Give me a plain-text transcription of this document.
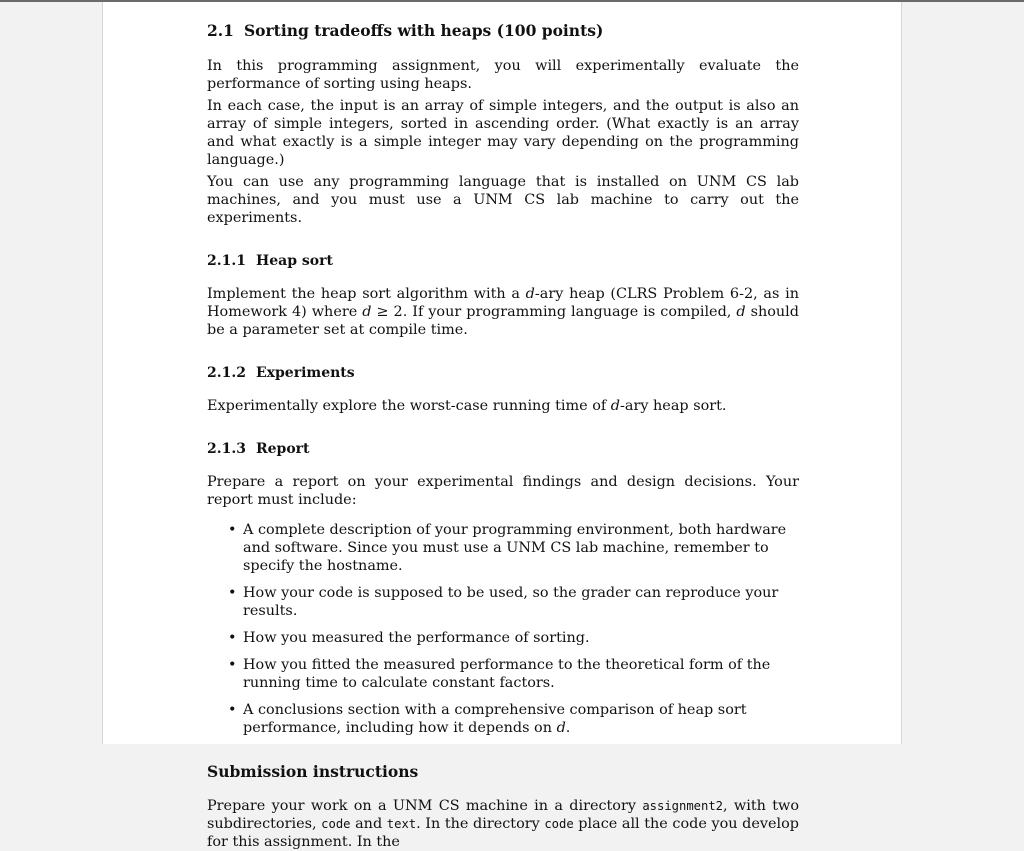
2.1 Sorting tradeoffs with heaps (100 points)

In this programming assignment, you will experimentally evaluate the performance of sorting using heaps.

In each case, the input is an array of simple integers, and the output is also an array of simple integers, sorted in ascending order. (What exactly is an array and what exactly is a simple integer may vary depending on the programming language.)

You can use any programming language that is installed on UNM CS lab machines, and you must use a UNM CS lab machine to carry out the experiments.

2.1.1 Heap sort

Implement the heap sort algorithm with a d-ary heap (CLRS Problem 6-2, as in Homework 4) where d ≥ 2. If your programming language is compiled, d should be a parameter set at compile time.

2.1.2 Experiments

Experimentally explore the worst-case running time of d-ary heap sort.

2.1.3 Report

Prepare a report on your experimental findings and design decisions. Your report must include:

• A complete description of your programming environment, both hardware and software. Since you must use a UNM CS lab machine, remember to specify the hostname.
• How your code is supposed to be used, so the grader can reproduce your results.
• How you measured the performance of sorting.
• How you fitted the measured performance to the theoretical form of the running time to calculate constant factors.
• A conclusions section with a comprehensive comparison of heap sort performance, including how it depends on d.
Submission instructions

Prepare your work on a UNM CS machine in a directory assignment2, with two subdirectories, code and text. In the directory code place all the code you develop for this assignment. In the
